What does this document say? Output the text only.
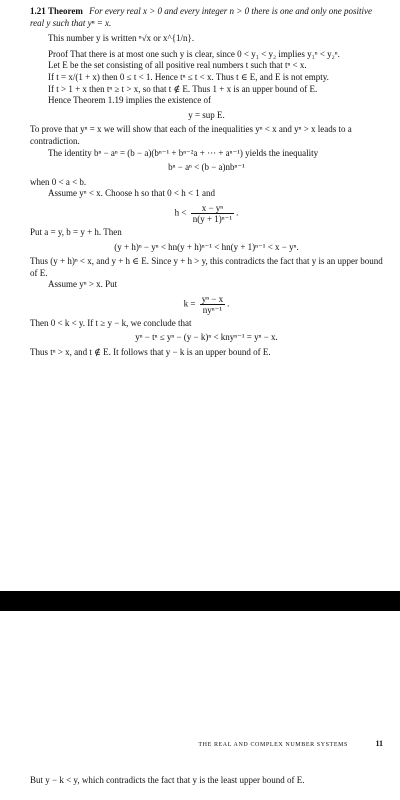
1.21 Theorem For every real x > 0 and every integer n > 0 there is one and only one positive real y such that yⁿ = x.

This number y is written ⁿ√x or x^{1/n}.

Proof That there is at most one such y is clear, since 0 < y₁ < y₂ implies y₁ⁿ < y₂ⁿ.

Let E be the set consisting of all positive real numbers t such that tⁿ < x.

If t = x/(1 + x) then 0 ≤ t < 1. Hence tⁿ ≤ t < x. Thus t ∈ E, and E is not empty.

If t > 1 + x then tⁿ ≥ t > x, so that t ∉ E. Thus 1 + x is an upper bound of E.

Hence Theorem 1.19 implies the existence of

y = sup E.

To prove that yⁿ = x we will show that each of the inequalities yⁿ < x and yⁿ > x leads to a contradiction.

The identity bⁿ − aⁿ = (b − a)(bⁿ⁻¹ + bⁿ⁻²a + ··· + aⁿ⁻¹) yields the inequality

bⁿ − aⁿ < (b − a)nbⁿ⁻¹

when 0 < a < b.

Assume yⁿ < x. Choose h so that 0 < h < 1 and

$h < \frac{\text{x − yⁿ}}{\text{n(y + 1)ⁿ⁻¹}}$ .

Put a = y, b = y + h. Then

(y + h)ⁿ − yⁿ < hn(y + h)ⁿ⁻¹ < hn(y + 1)ⁿ⁻¹ < x − yⁿ.

Thus (y + h)ⁿ < x, and y + h ∈ E. Since y + h > y, this contradicts the fact that y is an upper bound of E.

Assume yⁿ > x. Put

$k = \frac{\text{yⁿ − x}}{\text{nyⁿ⁻¹}}$ .

Then 0 < k < y. If t ≥ y − k, we conclude that

yⁿ − tⁿ ≤ yⁿ − (y − k)ⁿ < knyⁿ⁻¹ = yⁿ − x.

Thus tⁿ > x, and t ∉ E. It follows that y − k is an upper bound of E.

THE REAL AND COMPLEX NUMBER SYSTEMS	11

But y − k < y, which contradicts the fact that y is the least upper bound of E.
